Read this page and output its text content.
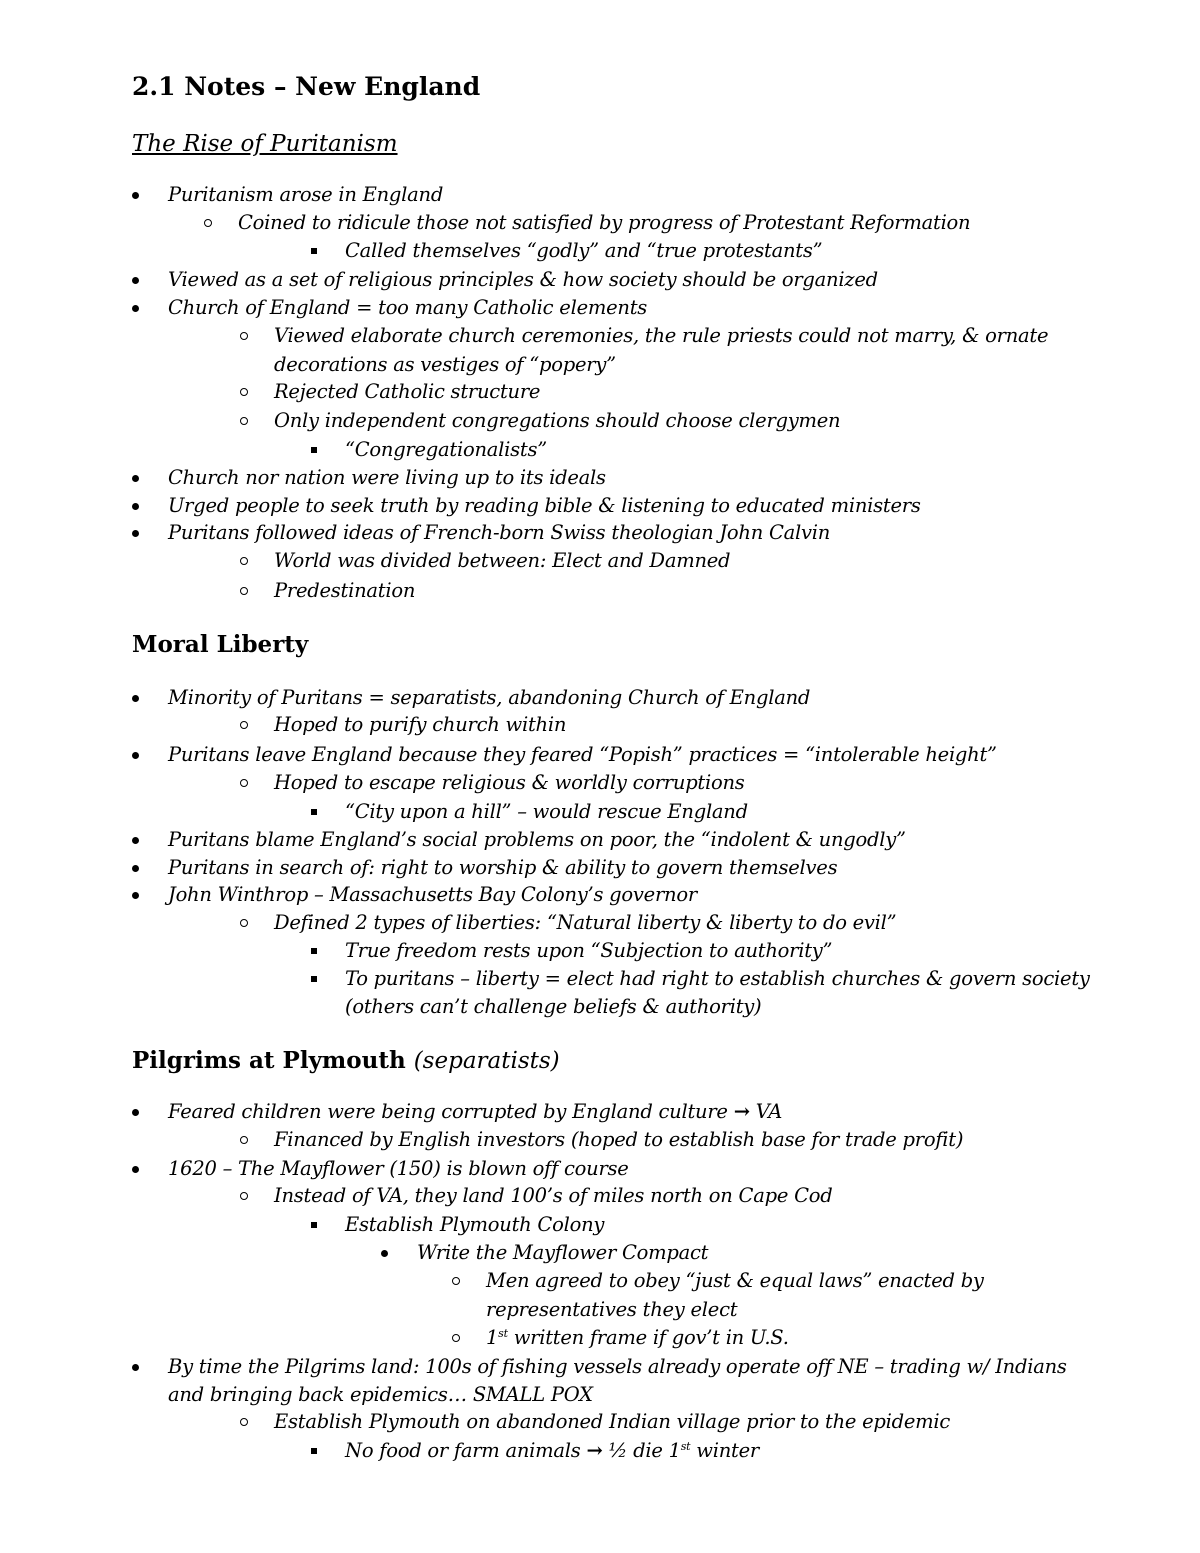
2.1 Notes – New England
The Rise of Puritanism
Puritanism arose in England
Coined to ridicule those not satisfied by progress of Protestant Reformation
Called themselves “godly” and “true protestants”
Viewed as a set of religious principles & how society should be organized
Church of England = too many Catholic elements
Viewed elaborate church ceremonies, the rule priests could not marry, & ornate
decorations as vestiges of “popery”
Rejected Catholic structure
Only independent congregations should choose clergymen
“Congregationalists”
Church nor nation were living up to its ideals
Urged people to seek truth by reading bible & listening to educated ministers
Puritans followed ideas of French-born Swiss theologian John Calvin
World was divided between: Elect and Damned
Predestination
Moral Liberty
Minority of Puritans = separatists, abandoning Church of England
Hoped to purify church within
Puritans leave England because they feared “Popish” practices = “intolerable height”
Hoped to escape religious & worldly corruptions
“City upon a hill” – would rescue England
Puritans blame England’s social problems on poor, the “indolent & ungodly”
Puritans in search of: right to worship & ability to govern themselves
John Winthrop – Massachusetts Bay Colony’s governor
Defined 2 types of liberties: “Natural liberty & liberty to do evil”
True freedom rests upon “Subjection to authority”
To puritans – liberty = elect had right to establish churches & govern society
(others can’t challenge beliefs & authority)
Pilgrims at Plymouth (separatists)
Feared children were being corrupted by England culture → VA
Financed by English investors (hoped to establish base for trade profit)
1620 – The Mayflower (150) is blown off course
Instead of VA, they land 100’s of miles north on Cape Cod
Establish Plymouth Colony
Write the Mayflower Compact
Men agreed to obey “just & equal laws” enacted by
representatives they elect
1st written frame if gov’t in U.S.
By time the Pilgrims land: 100s of fishing vessels already operate off NE – trading w/ Indians
and bringing back epidemics… SMALL POX
Establish Plymouth on abandoned Indian village prior to the epidemic
No food or farm animals → ½ die 1st winter
